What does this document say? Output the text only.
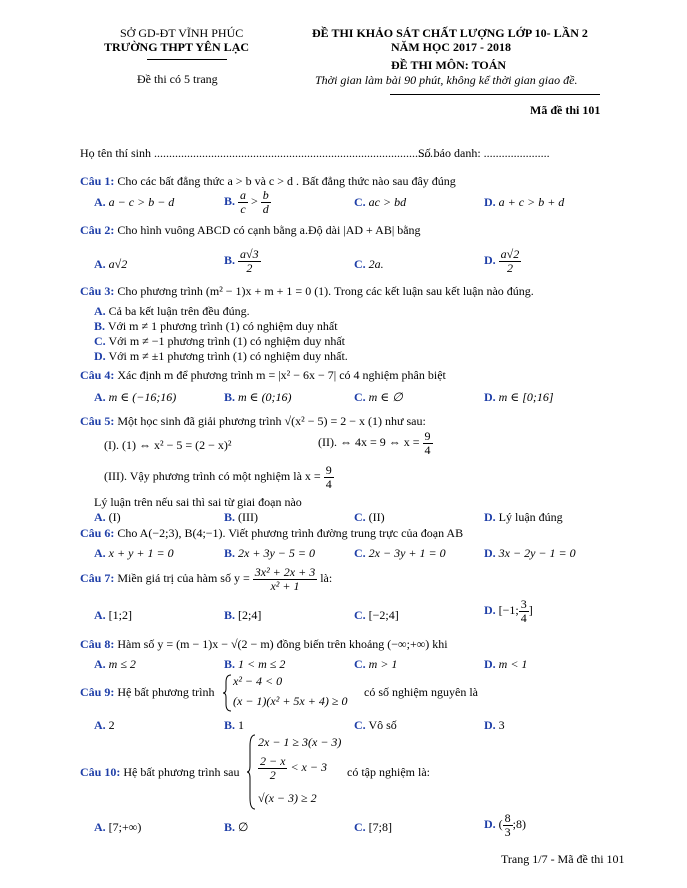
SỞ GD-ĐT VĨNH PHÚC
TRƯỜNG THPT YÊN LẠC
Đề thi có 5 trang
ĐỀ THI KHẢO SÁT CHẤT LƯỢNG LỚP 10- LẦN 2
NĂM HỌC 2017 - 2018
ĐỀ THI MÔN: TOÁN
Thời gian làm bài 90 phút, không kể thời gian giao đề.
Mã đề thi 101
Họ tên thí sinh ..............................................................................................
Số báo danh: ......................
Câu 1: Cho các bất đẳng thức a > b và c > d . Bất đẳng thức nào sau đây đúng
A. a − c > b − d	B. $\frac{a}{c} > \frac{b}{d}$	C. ac > bd	D. a + c > b + d
Câu 2: Cho hình vuông ABCD có cạnh bằng a.Độ dài |AD + AB| bằng
A. a√2	B. $\frac{a√3}{2}$	C. 2a.	D. $\frac{a√2}{2}$
Câu 3: Cho phương trình (m² − 1)x + m + 1 = 0 (1). Trong các kết luận sau kết luận nào đúng.
A. Cả ba kết luận trên đều đúng.
B. Với m ≠ 1 phương trình (1) có nghiệm duy nhất
C. Với m ≠ −1 phương trình (1) có nghiệm duy nhất
D. Với m ≠ ±1 phương trình (1) có nghiệm duy nhất.
Câu 4: Xác định m để phương trình m = |x² − 6x − 7| có 4 nghiệm phân biệt
A. m ∈ (−16;16)	B. m ∈ (0;16)	C. m ∈ ∅	D. m ∈ [0;16]
Câu 5: Một học sinh đã giải phương trình √(x² − 5) = 2 − x (1) như sau:
(I). (1) ⇔ x² − 5 = (2 − x)²	(II). ⇔ 4x = 9 ⇔ $x = \frac{9}{4}$
(III). Vậy phương trình có một nghiệm là $x = \frac{9}{4}$
Lý luận trên nếu sai thì sai từ giai đoạn nào
A. (I)	B. (III)	C. (II)	D. Lý luận đúng
Câu 6: Cho A(−2;3), B(4;−1). Viết phương trình đường trung trực của đoạn AB
A. x + y + 1 = 0	B. 2x + 3y − 5 = 0	C. 2x − 3y + 1 = 0	D. 3x − 2y − 1 = 0
Câu 7: Miền giá trị của hàm số $y = \frac{\text{3x² + 2x + 3}}{\text{x² + 1}}$ là:
A. [1;2]	B. [2;4]	C. [−2;4]	D. [−1; $\frac{3}{4}$ ]
Câu 8: Hàm số y = (m − 1)x − √(2 − m) đồng biến trên khoảng (−∞;+∞) khi
A. m ≤ 2	B. 1 < m ≤ 2	C. m > 1	D. m < 1
Câu 9: Hệ bất phương trình
x² − 4 < 0
(x − 1)(x² + 5x + 4) ≥ 0
có số nghiệm nguyên là
A. 2	B. 1	C. Vô số	D. 3
Câu 10: Hệ bất phương trình sau
2x − 1 ≥ 3(x − 3)
$\frac{2 - x}{2} < x - 3$
√(x − 3) ≥ 2
có tập nghiệm là:
A. [7;+∞)	B. ∅	C. [7;8]	D. ( $\frac{8}{3}$ ;8)
Trang 1/7 - Mã đề thi 101
